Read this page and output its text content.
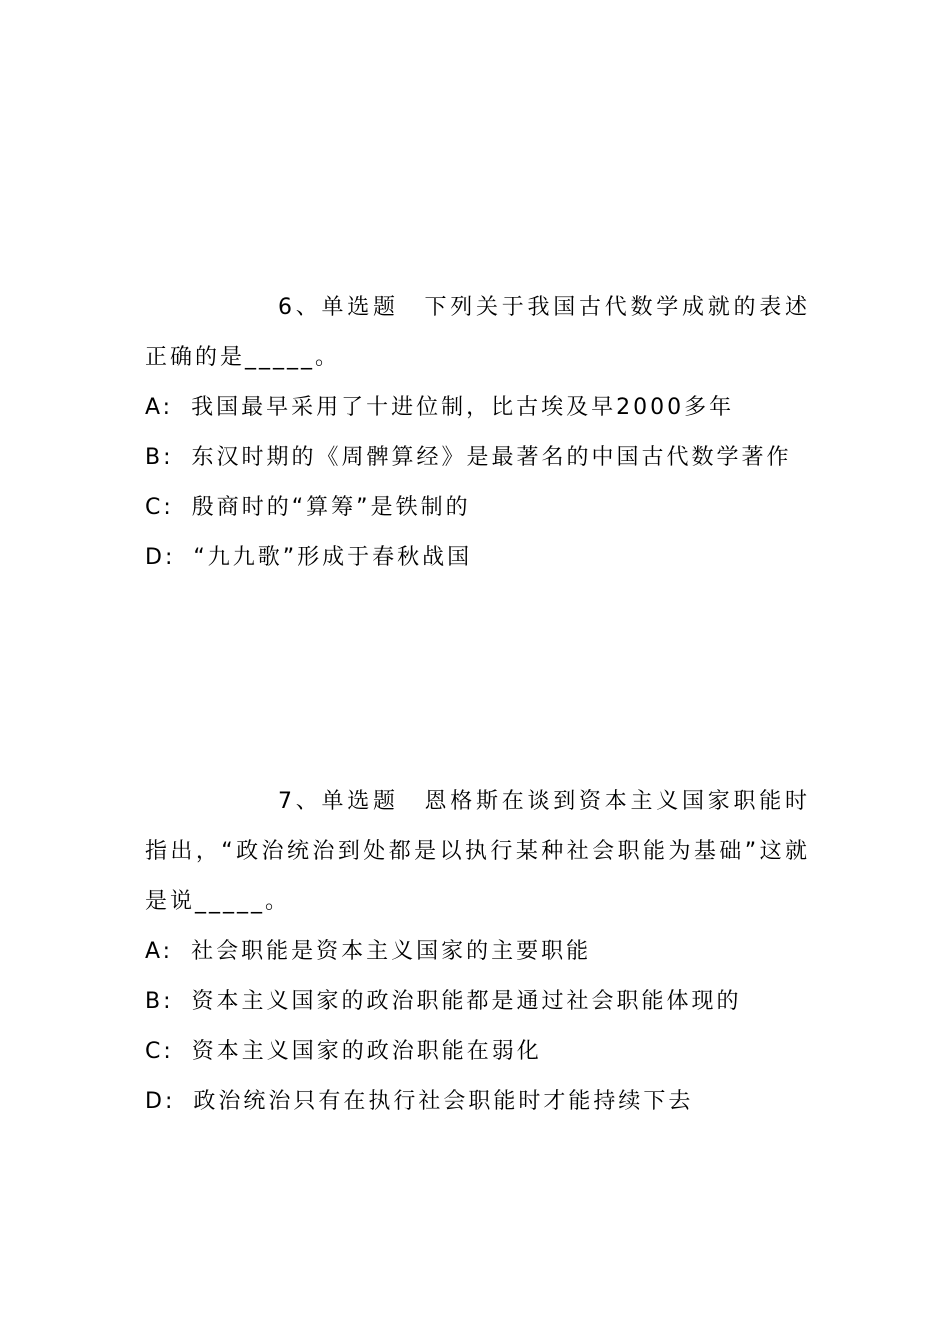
6、单选题　下列关于我国古代数学成就的表述正确的是_____。

A: 我国最早采用了十进位制，比古埃及早2000多年

B: 东汉时期的《周髀算经》是最著名的中国古代数学著作

C: 殷商时的“算筹”是铁制的

D: “九九歌”形成于春秋战国

7、单选题　恩格斯在谈到资本主义国家职能时指出，“政治统治到处都是以执行某种社会职能为基础”这就是说_____。

A: 社会职能是资本主义国家的主要职能

B: 资本主义国家的政治职能都是通过社会职能体现的

C: 资本主义国家的政治职能在弱化

D: 政治统治只有在执行社会职能时才能持续下去
